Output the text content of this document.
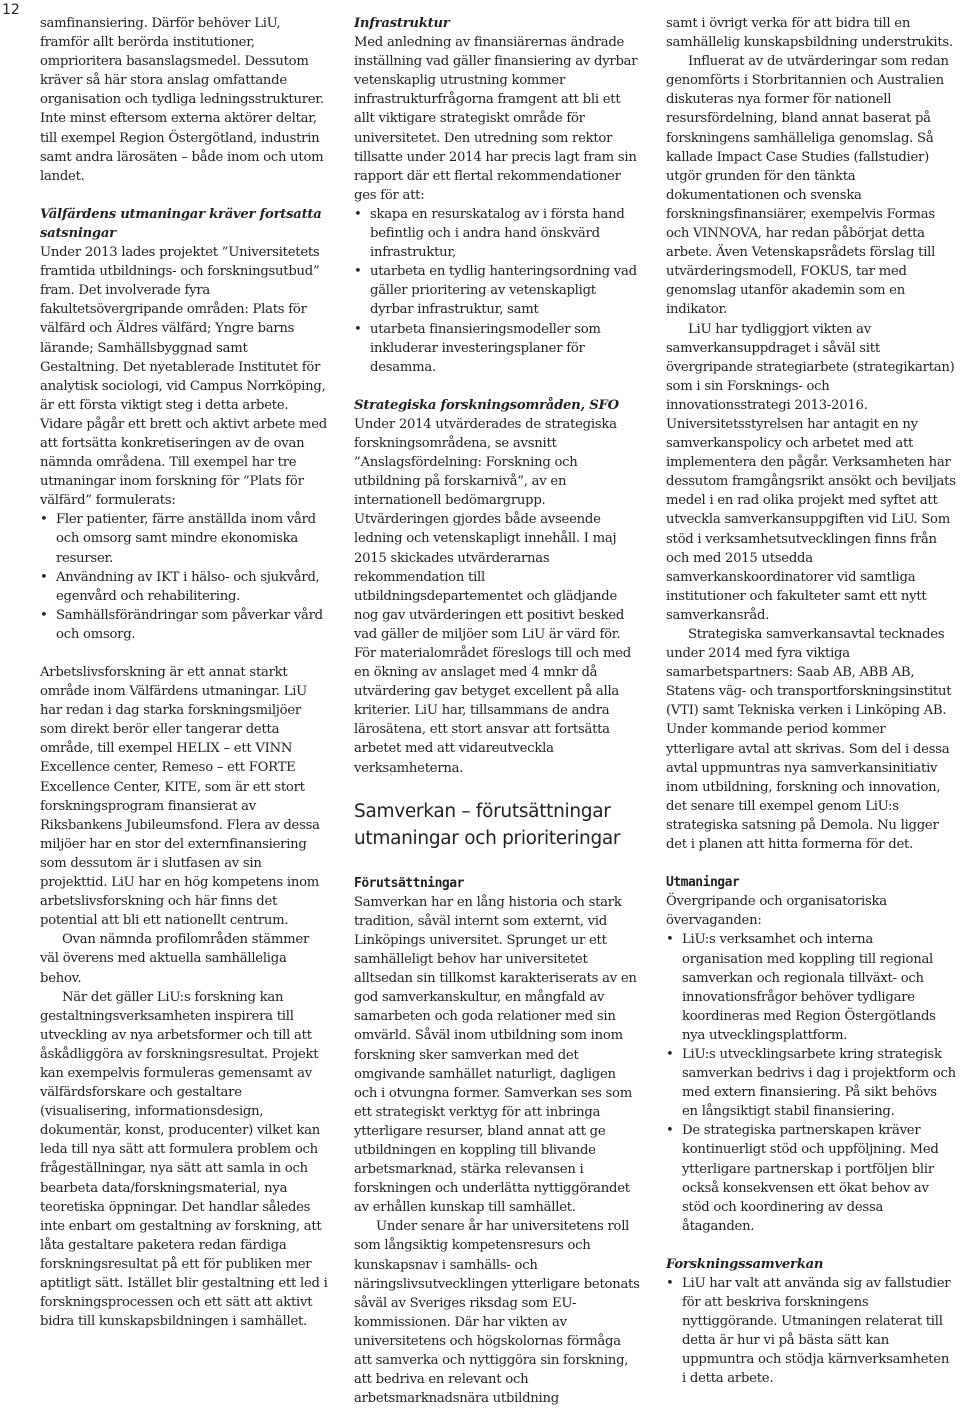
12

samfinansiering. Därför behöver LiU, framför allt berörda institutioner, omprioritera basanslagsmedel. Dessutom kräver så här stora anslag omfattande organisation och tydliga ledningsstrukturer. Inte minst eftersom externa aktörer deltar, till exempel Region Östergötland, industrin samt andra lärosäten – både inom och utom landet.

Välfärdens utmaningar kräver fortsatta satsningar

Under 2013 lades projektet ”Universitetets framtida utbildnings- och forskningsutbud” fram. Det involverade fyra fakultetsövergripande områden: Plats för välfärd och Äldres välfärd; Yngre barns lärande; Samhällsbyggnad samt Gestaltning. Det nyetablerade Institutet för analytisk sociologi, vid Campus Norrköping, är ett första viktigt steg i detta arbete. Vidare pågår ett brett och aktivt arbete med att fortsätta konkretiseringen av de ovan nämnda områdena. Till exempel har tre utmaningar inom forskning för ”Plats för välfärd” formulerats:

• Fler patienter, färre anställda inom vård och omsorg samt mindre ekonomiska resurser.
• Användning av IKT i hälso- och sjukvård, egenvård och rehabilitering.
• Samhällsförändringar som påverkar vård och omsorg.

Arbetslivsforskning är ett annat starkt område inom Välfärdens utmaningar. LiU har redan i dag starka forskningsmiljöer som direkt berör eller tangerar detta område, till exempel HELIX – ett VINN Excellence center, Remeso – ett FORTE Excellence Center, KITE, som är ett stort forskningsprogram finansierat av Riksbankens Jubileumsfond. Flera av dessa miljöer har en stor del externfinansiering som dessutom är i slutfasen av sin projekttid. LiU har en hög kompetens inom arbetslivsforskning och här finns det potential att bli ett nationellt centrum.

Ovan nämnda profilområden stämmer väl överens med aktuella samhälleliga behov.

När det gäller LiU:s forskning kan gestaltningsverksamheten inspirera till utveckling av nya arbetsformer och till att åskådliggöra av forskningsresultat. Projekt kan exempelvis formuleras gemensamt av välfärdsforskare och gestaltare (visualisering, informationsdesign, dokumentär, konst, producenter) vilket kan leda till nya sätt att formulera problem och frågeställningar, nya sätt att samla in och bearbeta data/forskningsmaterial, nya teoretiska öppningar. Det handlar således inte enbart om gestaltning av forskning, att låta gestaltare paketera redan färdiga forskningsresultat på ett för publiken mer aptitligt sätt. Istället blir gestaltning ett led i forskningsprocessen och ett sätt att aktivt bidra till kunskapsbildningen i samhället.

Infrastruktur

Med anledning av finansiärernas ändrade inställning vad gäller finansiering av dyrbar vetenskaplig utrustning kommer infrastrukturfrågorna framgent att bli ett allt viktigare strategiskt område för universitetet. Den utredning som rektor tillsatte under 2014 har precis lagt fram sin rapport där ett flertal rekommendationer ges för att:

• skapa en resurskatalog av i första hand befintlig och i andra hand önskvärd infrastruktur,
• utarbeta en tydlig hanteringsordning vad gäller prioritering av vetenskapligt dyrbar infrastruktur, samt
• utarbeta finansieringsmodeller som inkluderar investeringsplaner för desamma.

Strategiska forskningsområden, SFO

Under 2014 utvärderades de strategiska forskningsområdena, se avsnitt ”Anslagsfördelning: Forskning och utbildning på forskarnivå”, av en internationell bedömargrupp. Utvärderingen gjordes både avseende ledning och vetenskapligt innehåll. I maj 2015 skickades utvärderarnas rekommendation till utbildningsdepartementet och glädjande nog gav utvärderingen ett positivt besked vad gäller de miljöer som LiU är värd för. För materialområdet föreslogs till och med en ökning av anslaget med 4 mnkr då utvärdering gav betyget excellent på alla kriterier. LiU har, tillsammans de andra lärosätena, ett stort ansvar att fortsätta arbetet med att vidareutveckla verksamheterna.

Samverkan – förutsättningar utmaningar och prioriteringar

Förutsättningar

Samverkan har en lång historia och stark tradition, såväl internt som externt, vid Linköpings universitet. Sprunget ur ett samhälleligt behov har universitetet alltsedan sin tillkomst karakteriserats av en god samverkanskultur, en mångfald av samarbeten och goda relationer med sin omvärld. Såväl inom utbildning som inom forskning sker samverkan med det omgivande samhället naturligt, dagligen och i otvungna former. Samverkan ses som ett strategiskt verktyg för att inbringa ytterligare resurser, bland annat att ge utbildningen en koppling till blivande arbetsmarknad, stärka relevansen i forskningen och underlätta nyttiggörandet av erhållen kunskap till samhället.

Under senare år har universitetens roll som långsiktig kompetensresurs och kunskapsnav i samhälls- och näringslivsutvecklingen ytterligare betonats såväl av Sveriges riksdag som EU-kommissionen. Där har vikten av universitetens och högskolornas förmåga att samverka och nyttiggöra sin forskning, att bedriva en relevant och arbetsmarknadsnära utbildning

samt i övrigt verka för att bidra till en samhällelig kunskapsbildning understrukits.

Influerat av de utvärderingar som redan genomförts i Storbritannien och Australien diskuteras nya former för nationell resursfördelning, bland annat baserat på forskningens samhälleliga genomslag. Så kallade Impact Case Studies (fallstudier) utgör grunden för den tänkta dokumentationen och svenska forskningsfinansiärer, exempelvis Formas och VINNOVA, har redan påbörjat detta arbete. Även Vetenskapsrådets förslag till utvärderingsmodell, FOKUS, tar med genomslag utanför akademin som en indikator.

LiU har tydliggjort vikten av samverkansuppdraget i såväl sitt övergripande strategiarbete (strategikartan) som i sin Forsknings- och innovationsstrategi 2013-2016. Universitetsstyrelsen har antagit en ny samverkanspolicy och arbetet med att implementera den pågår. Verksamheten har dessutom framgångsrikt ansökt och beviljats medel i en rad olika projekt med syftet att utveckla samverkansuppgiften vid LiU. Som stöd i verksamhetsutvecklingen finns från och med 2015 utsedda samverkanskoordinatorer vid samtliga institutioner och fakulteter samt ett nytt samverkansråd.

Strategiska samverkansavtal tecknades under 2014 med fyra viktiga samarbetspartners: Saab AB, ABB AB, Statens väg- och transportforskningsinstitut (VTI) samt Tekniska verken i Linköping AB. Under kommande period kommer ytterligare avtal att skrivas. Som del i dessa avtal uppmuntras nya samverkansinitiativ inom utbildning, forskning och innovation, det senare till exempel genom LiU:s strategiska satsning på Demola. Nu ligger det i planen att hitta formerna för det.

Utmaningar

Övergripande och organisatoriska övervaganden:

• LiU:s verksamhet och interna organisation med koppling till regional samverkan och regionala tillväxt- och innovationsfrågor behöver tydligare koordineras med Region Östergötlands nya utvecklingsplattform.
• LiU:s utvecklingsarbete kring strategisk samverkan bedrivs i dag i projektform och med extern finansiering. På sikt behövs en långsiktigt stabil finansiering.
• De strategiska partnerskapen kräver kontinuerligt stöd och uppföljning. Med ytterligare partnerskap i portföljen blir också konsekvensen ett ökat behov av stöd och koordinering av dessa åtaganden.

Forskningssamverkan

• LiU har valt att använda sig av fallstudier för att beskriva forskningens nyttiggörande. Utmaningen relaterat till detta är hur vi på bästa sätt kan uppmuntra och stödja kärnverksamheten i detta arbete.
